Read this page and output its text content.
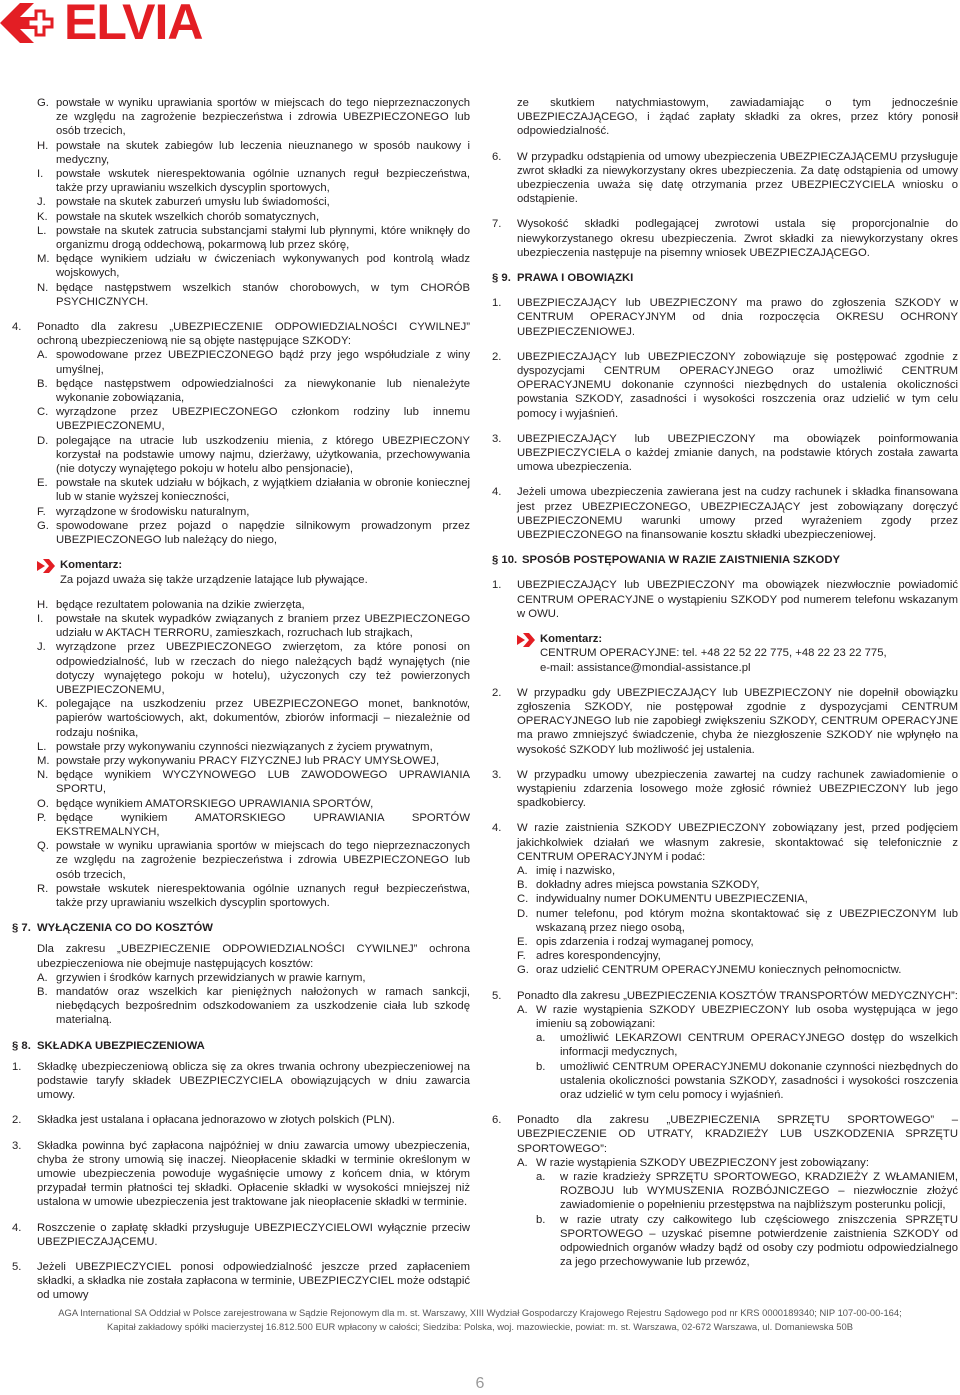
ELVIA
G. powstałe w wyniku uprawiania sportów w miejscach do tego nieprzeznaczonych ze względu na zagrożenie bezpieczeństwa i zdrowia UBEZPIECZONEGO lub osób trzecich,
H. powstałe na skutek zabiegów lub leczenia nieuznanego w sposób naukowy i medyczny,
I.	powstałe wskutek nierespektowania ogólnie uznanych reguł bezpieczeństwa, także przy uprawianiu wszelkich dyscyplin sportowych,
J. powstałe na skutek zaburzeń umysłu lub świadomości,
K. powstałe na skutek wszelkich chorób somatycznych,
L. powstałe na skutek zatrucia substancjami stałymi lub płynnymi, które wniknęły do organizmu drogą oddechową, pokarmową lub przez skórę,
M. będące wynikiem udziału w ćwiczeniach wykonywanych pod kontrolą władz wojskowych,
N. będące następstwem wszelkich stanów chorobowych, w tym CHORÓB PSYCHICZNYCH.
4.	Ponadto dla zakresu „UBEZPIECZENIE ODPOWIEDZIALNOŚCI CYWILNEJ” ochroną ubezpieczeniową nie są objęte następujące SZKODY:
A. spowodowane przez UBEZPIECZONEGO bądź przy jego współudziale z winy umyślnej,
B. będące następstwem odpowiedzialności za niewykonanie lub nienależyte wykonanie zobowiązania,
C. wyrządzone przez UBEZPIECZONEGO członkom rodziny lub innemu UBEZPIECZONEMU,
D. polegające na utracie lub uszkodzeniu mienia, z którego UBEZPIECZONY korzystał na podstawie umowy najmu, dzierżawy, użytkowania, przechowywania (nie dotyczy wynajętego pokoju w hotelu albo pensjonacie),
E. powstałe na skutek udziału w bójkach, z wyjątkiem działania w obronie koniecznej lub w stanie wyższej konieczności,
F. wyrządzone w środowisku naturalnym,
G. spowodowane przez pojazd o napędzie silnikowym prowadzonym przez UBEZPIECZONEGO lub należący do niego,
Komentarz:
Za pojazd uważa się także urządzenie latające lub pływające.
H. będące rezultatem polowania na dzikie zwierzęta,
I.	powstałe na skutek wypadków związanych z braniem przez UBEZPIECZONEGO udziału w AKTACH TERRORU, zamieszkach, rozruchach lub strajkach,
J. wyrządzone przez UBEZPIECZONEGO zwierzętom, za które ponosi on odpowiedzialność, lub w rzeczach do niego należących bądź wynajętych (nie dotyczy wynajętego pokoju w hotelu), użyczonych czy też powierzonych UBEZPIECZONEMU,
K. polegające na uszkodzeniu przez UBEZPIECZONEGO monet, banknotów, papierów wartościowych, akt, dokumentów, zbiorów informacji – niezależnie od rodzaju nośnika,
L. powstałe przy wykonywaniu czynności niezwiązanych z życiem prywatnym,
M. powstałe przy wykonywaniu PRACY FIZYCZNEJ lub PRACY UMYSŁOWEJ,
N. będące wynikiem WYCZYNOWEGO LUB ZAWODOWEGO UPRAWIANIA SPORTU,
O. będące wynikiem AMATORSKIEGO UPRAWIANIA SPORTÓW,
P. będące wynikiem AMATORSKIEGO UPRAWIANIA SPORTÓW EKSTREMALNYCH,
Q. powstałe w wyniku uprawiania sportów w miejscach do tego nieprzeznaczonych ze względu na zagrożenie bezpieczeństwa i zdrowia UBEZPIECZONEGO lub osób trzecich,
R. powstałe wskutek nierespektowania ogólnie uznanych reguł bezpieczeństwa, także przy uprawianiu wszelkich dyscyplin sportowych.
§ 7. WYŁĄCZENIA CO DO KOSZTÓW
Dla zakresu „UBEZPIECZENIE ODPOWIEDZIALNOŚCI CYWILNEJ” ochrona ubezpieczeniowa nie obejmuje następujących kosztów:
A. grzywien i środków karnych przewidzianych w prawie karnym,
B. mandatów oraz wszelkich kar pieniężnych nałożonych w ramach sankcji, niebędących bezpośrednim odszkodowaniem za uszkodzenie ciała lub szkodę materialną.
§ 8. SKŁADKA UBEZPIECZENIOWA
1.	Składkę ubezpieczeniową oblicza się za okres trwania ochrony ubezpieczeniowej na podstawie taryfy składek UBEZPIECZYCIELA obowiązujących w dniu zawarcia umowy.
2.	Składka jest ustalana i opłacana jednorazowo w złotych polskich (PLN).
3.	Składka powinna być zapłacona najpóźniej w dniu zawarcia umowy ubezpieczenia, chyba że strony umowią się inaczej. Nieopłacenie składki w terminie określonym w umowie ubezpieczenia powoduje wygaśnięcie umowy z końcem dnia, w którym przypadał termin płatności tej składki. Opłacenie składki w wysokości mniejszej niż ustalona w umowie ubezpieczenia jest traktowane jak nieopłacenie składki w terminie.
4.	Roszczenie o zapłatę składki przysługuje UBEZPIECZYCIELOWI wyłącznie przeciw UBEZPIECZAJĄCEMU.
5.	Jeżeli UBEZPIECZYCIEL ponosi odpowiedzialność jeszcze przed zapłaceniem składki, a składka nie została zapłacona w terminie, UBEZPIECZYCIEL może odstąpić od umowy
ze skutkiem natychmiastowym, zawiadamiając o tym jednocześnie UBEZPIECZAJĄCEGO, i żądać zapłaty składki za okres, przez który ponosił odpowiedzialność.
6.	W przypadku odstąpienia od umowy ubezpieczenia UBEZPIECZAJĄCEMU przysługuje zwrot składki za niewykorzystany okres ubezpieczenia. Za datę odstąpienia od umowy ubezpieczenia uważa się datę otrzymania przez UBEZPIECZYCIELA wniosku o odstąpienie.
7.	Wysokość składki podlegającej zwrotowi ustala się proporcjonalnie do niewykorzystanego okresu ubezpieczenia. Zwrot składki za niewykorzystany okres ubezpieczenia następuje na pisemny wniosek UBEZPIECZAJĄCEGO.
§ 9. PRAWA I OBOWIĄZKI
1.	UBEZPIECZAJĄCY lub UBEZPIECZONY ma prawo do zgłoszenia SZKODY w CENTRUM OPERACYJNYM od dnia rozpoczęcia OKRESU OCHRONY UBEZPIECZENIOWEJ.
2.	UBEZPIECZAJĄCY lub UBEZPIECZONY zobowiązuje się postępować zgodnie z dyspozycjami CENTRUM OPERACYJNEGO oraz umożliwić CENTRUM OPERACYJNEMU dokonanie czynności niezbędnych do ustalenia okoliczności powstania SZKODY, zasadności i wysokości roszczenia oraz udzielić w tym celu pomocy i wyjaśnień.
3.	UBEZPIECZAJĄCY lub UBEZPIECZONY ma obowiązek poinformowania UBEZPIECZYCIELA o każdej zmianie danych, na podstawie których została zawarta umowa ubezpieczenia.
4.	Jeżeli umowa ubezpieczenia zawierana jest na cudzy rachunek i składka finansowana jest przez UBEZPIECZONEGO, UBEZPIECZAJĄCY jest zobowiązany doręczyć UBEZPIECZONEMU warunki umowy przed wyrażeniem zgody przez UBEZPIECZONEGO na finansowanie kosztu składki ubezpieczeniowej.
§ 10. SPOSÓB POSTĘPOWANIA W RAZIE ZAISTNIENIA SZKODY
1.	UBEZPIECZAJĄCY lub UBEZPIECZONY ma obowiązek niezwłocznie powiadomić CENTRUM OPERACYJNE o wystąpieniu SZKODY pod numerem telefonu wskazanym w OWU.
Komentarz:
CENTRUM OPERACYJNE: tel. +48 22 52 22 775, +48 22 23 22 775,
e-mail: assistance@mondial-assistance.pl
2.	W przypadku gdy UBEZPIECZAJĄCY lub UBEZPIECZONY nie dopełnił obowiązku zgłoszenia SZKODY, nie postępował zgodnie z dyspozycjami CENTRUM OPERACYJNEGO lub nie zapobiegł zwiększeniu SZKODY, CENTRUM OPERACYJNE ma prawo zmniejszyć świadczenie, chyba że niezgłoszenie SZKODY nie wpłynęło na wysokość SZKODY lub możliwość jej ustalenia.
3.	W przypadku umowy ubezpieczenia zawartej na cudzy rachunek zawiadomienie o wystąpieniu zdarzenia losowego może zgłosić również UBEZPIECZONY lub jego spadkobiercy.
4.	W razie zaistnienia SZKODY UBEZPIECZONY zobowiązany jest, przed podjęciem jakichkolwiek działań we własnym zakresie, skontaktować się telefonicznie z CENTRUM OPERACYJNYM i podać:
A. imię i nazwisko,
B. dokładny adres miejsca powstania SZKODY,
C. indywidualny numer DOKUMENTU UBEZPIECZENIA,
D. numer telefonu, pod którym można skontaktować się z UBEZPIECZONYM lub wskazaną przez niego osobą,
E. opis zdarzenia i rodzaj wymaganej pomocy,
F. adres korespondencyjny,
G. oraz udzielić CENTRUM OPERACYJNEMU koniecznych pełnomocnictw.
5.	Ponadto dla zakresu „UBEZPIECZENIA KOSZTÓW TRANSPORTÓW MEDYCZNYCH”:
A. W razie wystąpienia SZKODY UBEZPIECZONY lub osoba występująca w jego imieniu są zobowiązani:
a.	umożliwić LEKARZOWI CENTRUM OPERACYJNEGO dostęp do wszelkich informacji medycznych,
b.	umożliwić CENTRUM OPERACYJNEMU dokonanie czynności niezbędnych do ustalenia okoliczności powstania SZKODY, zasadności i wysokości roszczenia oraz udzielić w tym celu pomocy i wyjaśnień.
6.	Ponadto dla zakresu „UBEZPIECZENIA SPRZĘTU SPORTOWEGO” – UBEZPIECZENIE OD UTRATY, KRADZIEŻY LUB USZKODZENIA SPRZĘTU SPORTOWEGO”:
A. W razie wystąpienia SZKODY UBEZPIECZONY jest zobowiązany:
a.	w razie kradzieży SPRZĘTU SPORTOWEGO, KRADZIEŻY Z WŁAMANIEM, ROZBOJU lub WYMUSZENIA ROZBÓJNICZEGO – niezwłocznie złożyć zawiadomienie o popełnieniu przestępstwa na najbliższym posterunku policji,
b.	w razie utraty czy całkowitego lub częściowego zniszczenia SPRZĘTU SPORTOWEGO – uzyskać pisemne potwierdzenie zaistnienia SZKODY od odpowiednich organów władzy bądź od osoby czy podmiotu odpowiedzialnego za jego przechowywanie lub przewóz,
AGA International SA Oddział w Polsce zarejestrowana w Sądzie Rejonowym dla m. st. Warszawy, XIII Wydział Gospodarczy Krajowego Rejestru Sądowego pod nr KRS 0000189340; NIP 107-00-00-164;
Kapitał zakładowy spółki macierzystej 16.812.500 EUR wpłacony w całości; Siedziba: Polska, woj. mazowieckie, powiat: m. st. Warszawa, 02-672 Warszawa, ul. Domaniewska 50B
6
